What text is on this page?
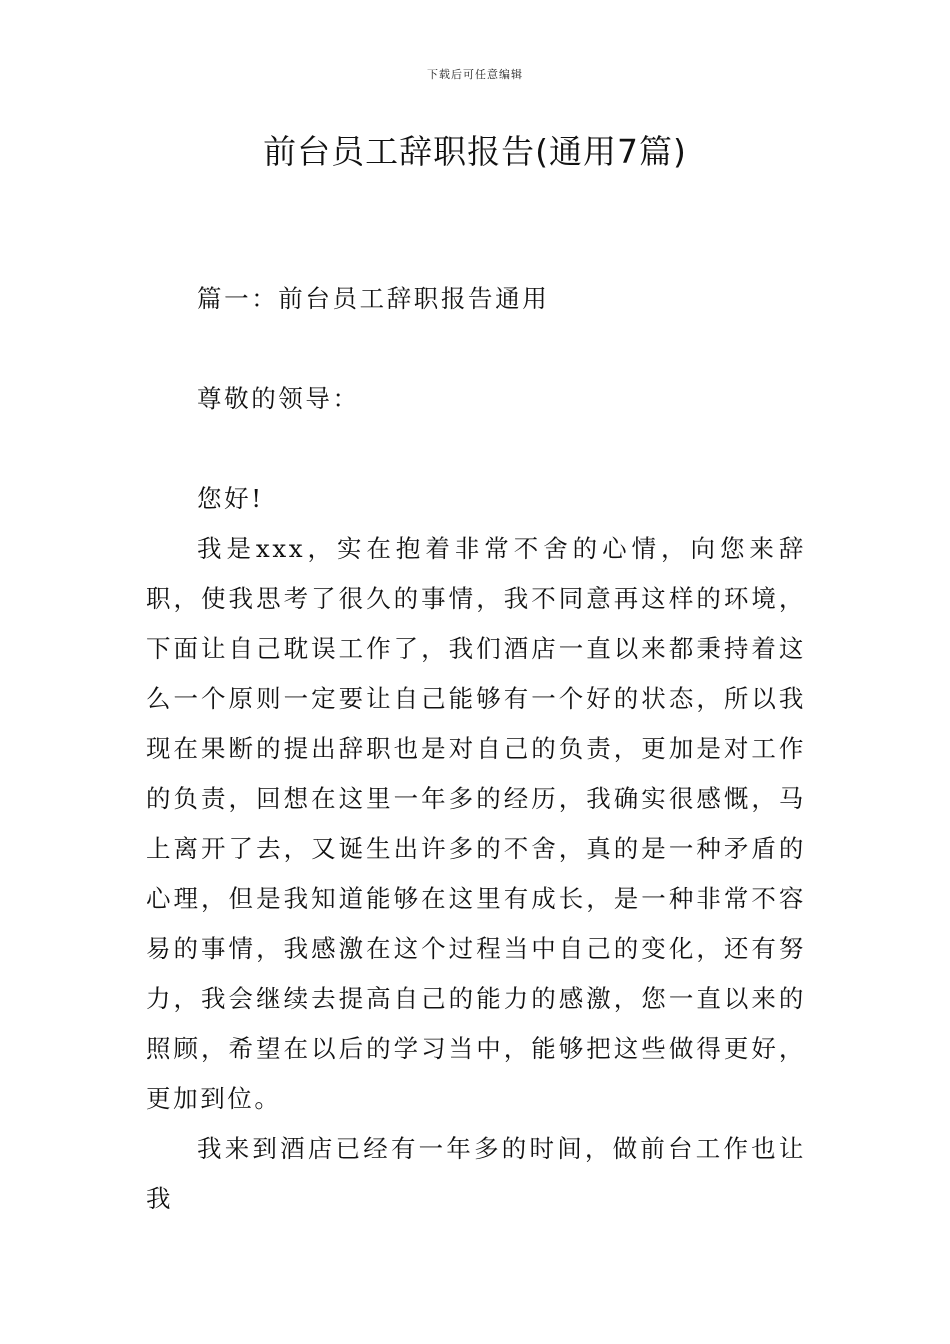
下载后可任意编辑
前台员工辞职报告(通用7篇)

篇一：前台员工辞职报告通用

尊敬的领导：

您好!

我是xxx，实在抱着非常不舍的心情，向您来辞职，使我思考了很久的事情，我不同意再这样的环境，下面让自己耽误工作了，我们酒店一直以来都秉持着这么一个原则一定要让自己能够有一个好的状态，所以我现在果断的提出辞职也是对自己的负责，更加是对工作的负责，回想在这里一年多的经历，我确实很感慨，马上离开了去，又诞生出许多的不舍，真的是一种矛盾的心理，但是我知道能够在这里有成长，是一种非常不容易的事情，我感激在这个过程当中自己的变化，还有努力，我会继续去提高自己的能力的感激，您一直以来的照顾，希望在以后的学习当中，能够把这些做得更好，更加到位。

我来到酒店已经有一年多的时间，做前台工作也让我
